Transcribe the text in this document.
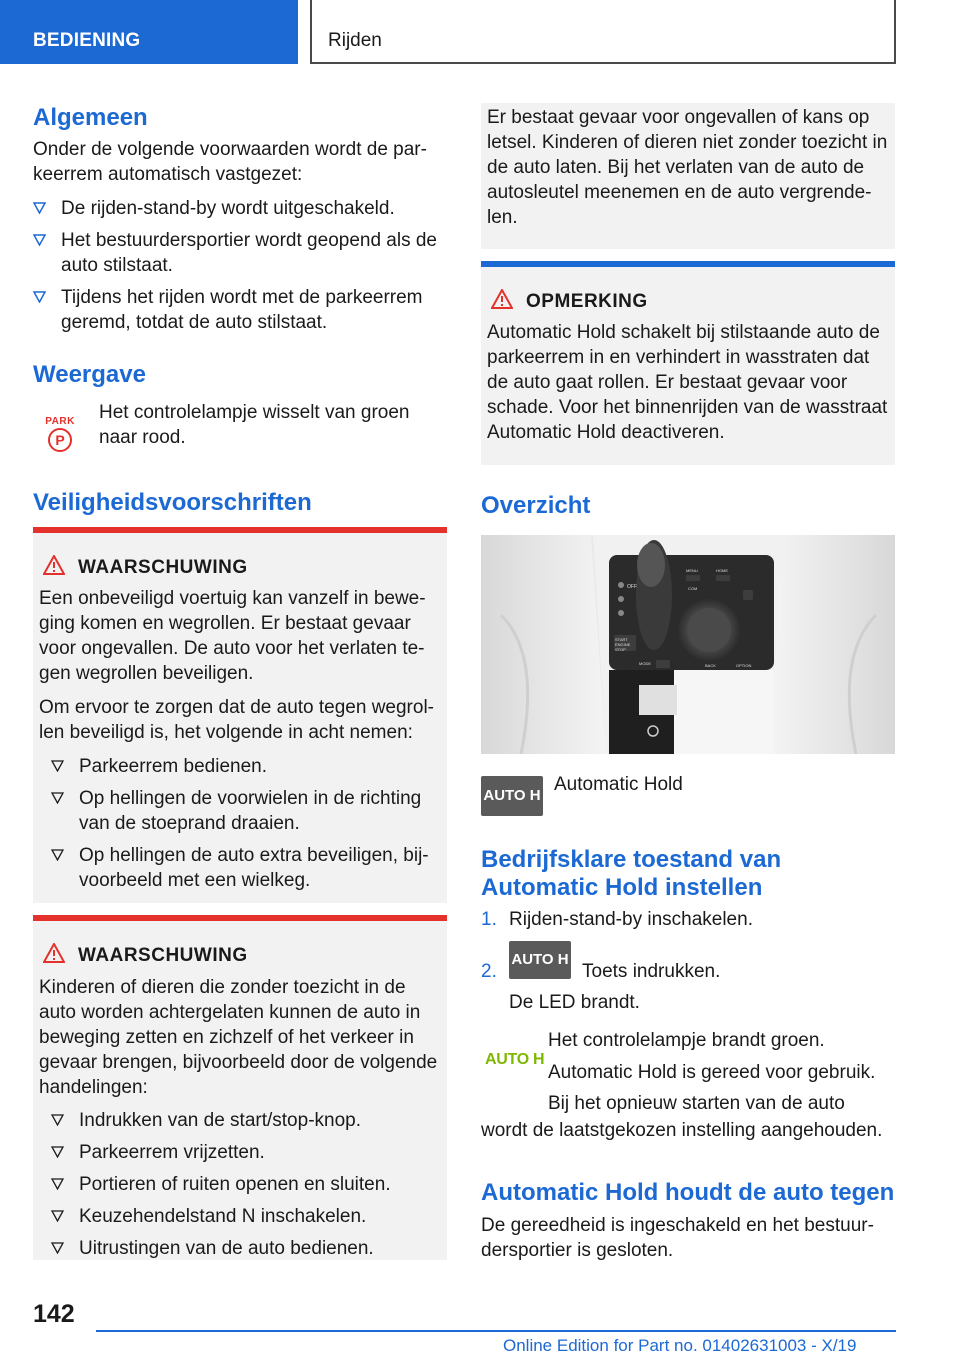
BEDIENING	Rijden
Algemeen

Onder de volgende voorwaarden wordt de par-keerrem automatisch vastgezet:

De rijden-stand-by wordt uitgeschakeld.
Het bestuurdersportier wordt geopend als de auto stilstaat.
Tijdens het rijden wordt met de parkeerrem geremd, totdat de auto stilstaat.
Weergave
PARK
P

Het controlelampje wisselt van groen naar rood.

Veiligheidsvoorschriften
WAARSCHUWING

Een onbeveiligd voertuig kan vanzelf in bewe-ging komen en wegrollen. Er bestaat gevaar voor ongevallen. De auto voor het verlaten te-gen wegrollen beveiligen.

Om ervoor te zorgen dat de auto tegen wegrol-len beveiligd is, het volgende in acht nemen:

Parkeerrem bedienen.
Op hellingen de voorwielen in de richting van de stoeprand draaien.
Op hellingen de auto extra beveiligen, bij-voorbeeld met een wielkeg.
WAARSCHUWING

Kinderen of dieren die zonder toezicht in de auto worden achtergelaten kunnen de auto in beweging zetten en zichzelf of het verkeer in gevaar brengen, bijvoorbeeld door de volgende handelingen:

Indrukken van de start/stop-knop.
Parkeerrem vrijzetten.
Portieren of ruiten openen en sluiten.
Keuzehendelstand N inschakelen.
Uitrustingen van de auto bedienen.

Er bestaat gevaar voor ongevallen of kans op letsel. Kinderen of dieren niet zonder toezicht in de auto laten. Bij het verlaten van de auto de autosleutel meenemen en de auto vergrende-len.

OPMERKING

Automatic Hold schakelt bij stilstaande auto de parkeerrem in en verhindert in wasstraten dat de auto gaat rollen. Er bestaat gevaar voor schade. Voor het binnenrijden van de wasstraat Automatic Hold deactiveren.

Overzicht
OFF
START
ENGINE
STOP
MENU	HOME
COM
BACK	OPTION
MODE
AUTO H

Automatic Hold

Bedrijfsklare toestand van
Automatic Hold instellen
1. Rijden-stand-by inschakelen.

2.
AUTO H

Toets indrukken.

De LED brandt.

AUTO H

Het controlelampje brandt groen.

Automatic Hold is gereed voor gebruik.

Bij het opnieuw starten van de auto

wordt de laatstgekozen instelling aangehouden.

Automatic Hold houdt de auto tegen

De gereedheid is ingeschakeld en het bestuur-dersportier is gesloten.

142
Online Edition for Part no. 01402631003 - X/19
